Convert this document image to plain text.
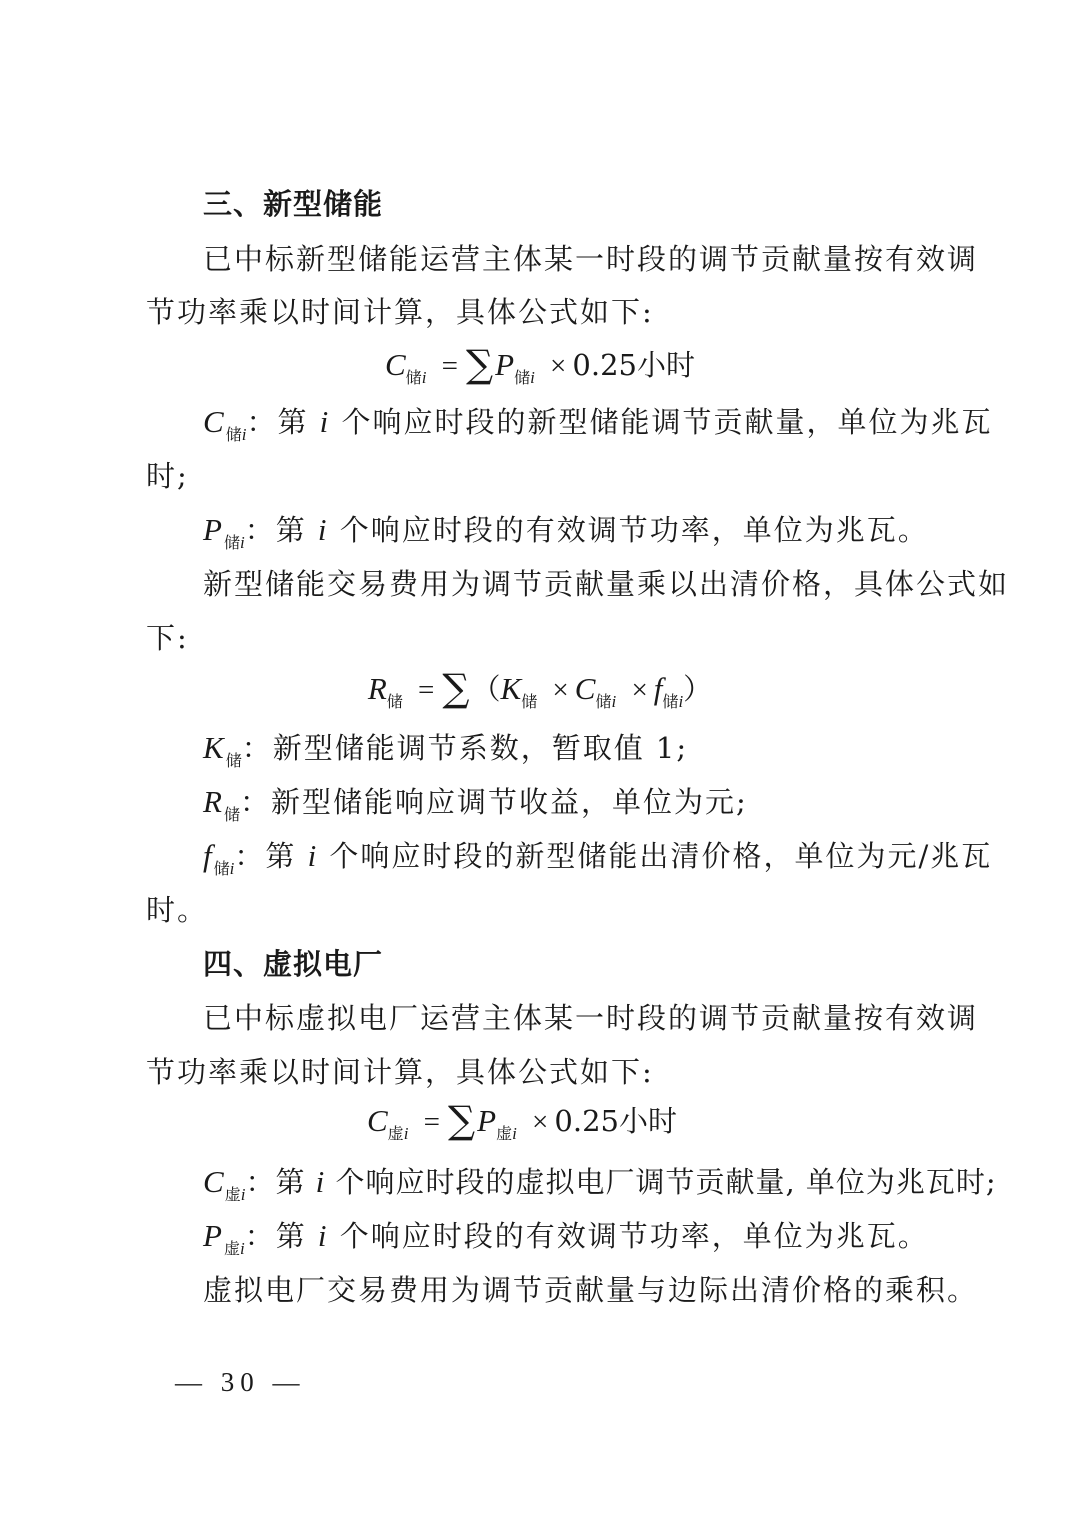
三、新型储能
已中标新型储能运营主体某一时段的调节贡献量按有效调
节功率乘以时间计算，具体公式如下:
$C_{储i} = \sum P_{储i} \times 0.25$小时
$C_{储i}$：第 i 个响应时段的新型储能调节贡献量，单位为兆瓦
时;
$P_{储i}$：第 i 个响应时段的有效调节功率，单位为兆瓦。
新型储能交易费用为调节贡献量乘以出清价格，具体公式如
下:
$R_储 = \sum(K_储 \times C_{储i} \times f_{储i})$
$K_储$：新型储能调节系数，暂取值 1;
$R_储$：新型储能响应调节收益，单位为元;
$f_{储i}$：第 i 个响应时段的新型储能出清价格，单位为元/兆瓦
时。
四、虚拟电厂
已中标虚拟电厂运营主体某一时段的调节贡献量按有效调
节功率乘以时间计算，具体公式如下:
$C_{虚i} = \sum P_{虚i} \times 0.25$小时
$C_{虚i}$：第 i 个响应时段的虚拟电厂调节贡献量, 单位为兆瓦时;
$P_{虚i}$：第 i 个响应时段的有效调节功率，单位为兆瓦。
虚拟电厂交易费用为调节贡献量与边际出清价格的乘积。
— 30 —
